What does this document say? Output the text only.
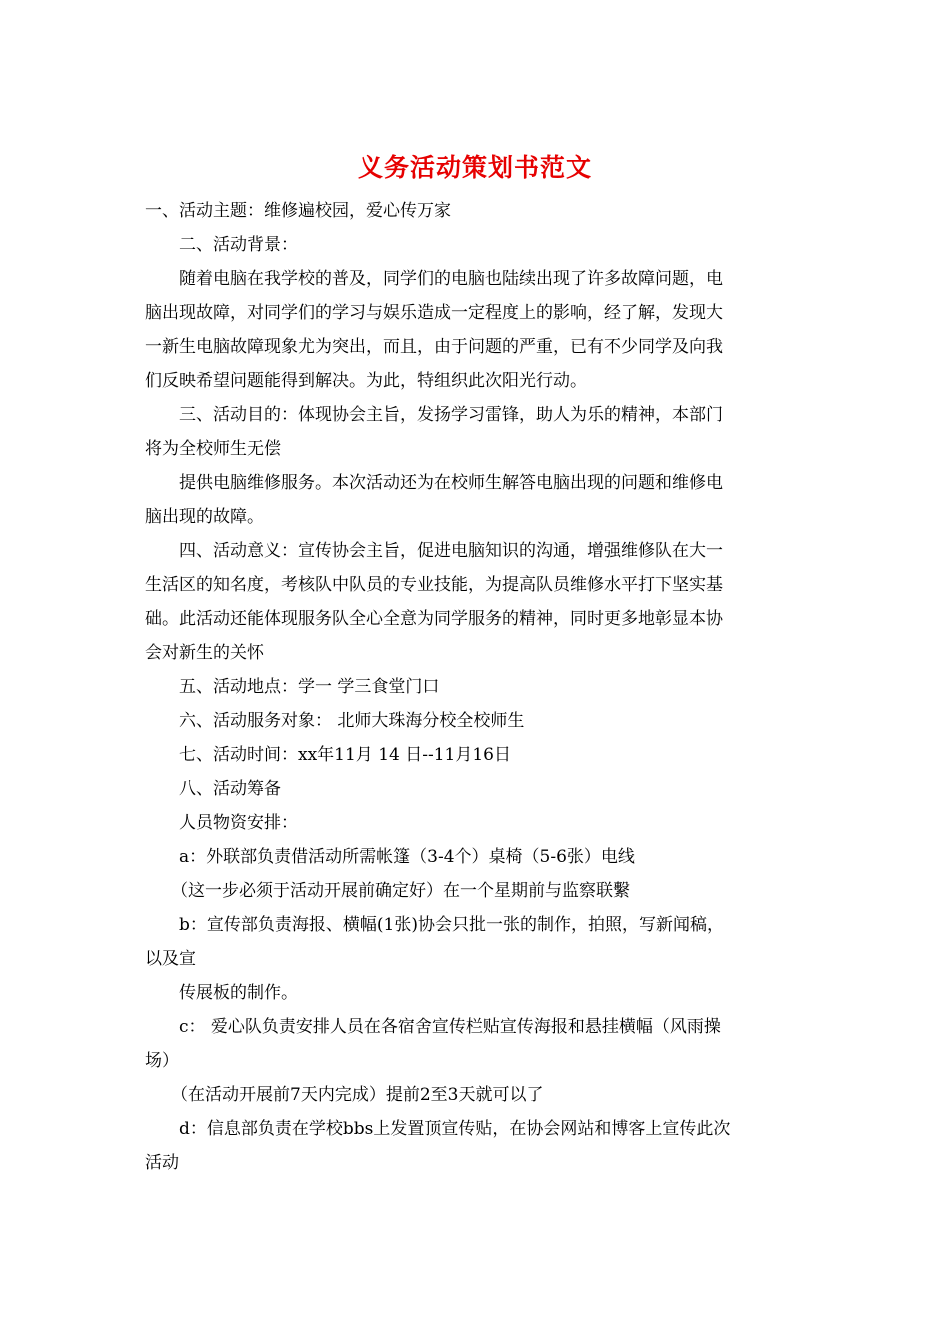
义务活动策划书范文
一、活动主题：维修遍校园，爱心传万家
二、活动背景：
随着电脑在我学校的普及，同学们的电脑也陆续出现了许多故障问题，电
脑出现故障，对同学们的学习与娱乐造成一定程度上的影响，经了解，发现大
一新生电脑故障现象尤为突出，而且，由于问题的严重，已有不少同学及向我
们反映希望问题能得到解决。为此，特组织此次阳光行动。
三、活动目的：体现协会主旨，发扬学习雷锋，助人为乐的精神，本部门
将为全校师生无偿
提供电脑维修服务。本次活动还为在校师生解答电脑出现的问题和维修电
脑出现的故障。
四、活动意义：宣传协会主旨，促进电脑知识的沟通，增强维修队在大一
生活区的知名度，考核队中队员的专业技能，为提高队员维修水平打下坚实基
础。此活动还能体现服务队全心全意为同学服务的精神，同时更多地彰显本协
会对新生的关怀
五、活动地点：学一 学三食堂门口
六、活动服务对象： 北师大珠海分校全校师生
七、活动时间：xx年11月 14 日--11月16日
八、活动筹备
人员物资安排：
a：外联部负责借活动所需帐篷（3-4个）桌椅（5-6张）电线
（这一步必须于活动开展前确定好）在一个星期前与监察联繫
b：宣传部负责海报、横幅(1张)协会只批一张的制作，拍照，写新闻稿，
以及宣
传展板的制作。
c： 爱心队负责安排人员在各宿舍宣传栏贴宣传海报和悬挂横幅（风雨操
场）
（在活动开展前7天内完成）提前2至3天就可以了
d：信息部负责在学校bbs上发置顶宣传贴，在协会网站和博客上宣传此次
活动
